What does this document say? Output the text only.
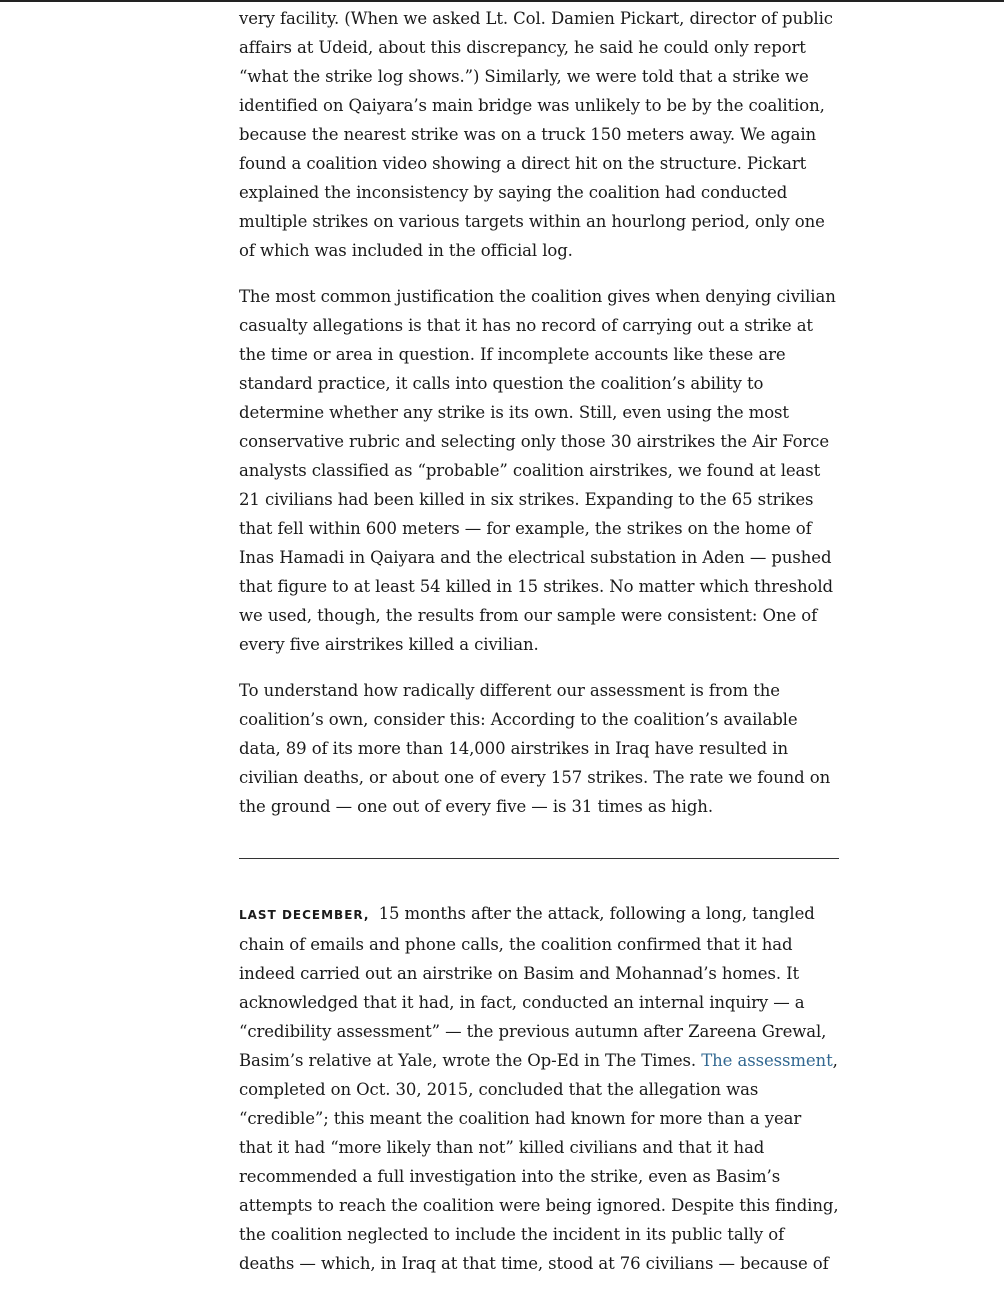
very facility. (When we asked Lt. Col. Damien Pickart, director of public affairs at Udeid, about this discrepancy, he said he could only report “what the strike log shows.”) Similarly, we were told that a strike we identified on Qaiyara’s main bridge was unlikely to be by the coalition, because the nearest strike was on a truck 150 meters away. We again found a coalition video showing a direct hit on the structure. Pickart explained the inconsistency by saying the coalition had conducted multiple strikes on various targets within an hourlong period, only one of which was included in the official log.

The most common justification the coalition gives when denying civilian casualty allegations is that it has no record of carrying out a strike at the time or area in question. If incomplete accounts like these are standard practice, it calls into question the coalition’s ability to determine whether any strike is its own. Still, even using the most conservative rubric and selecting only those 30 airstrikes the Air Force analysts classified as “probable” coalition airstrikes, we found at least 21 civilians had been killed in six strikes. Expanding to the 65 strikes that fell within 600 meters — for example, the strikes on the home of Inas Hamadi in Qaiyara and the electrical substation in Aden — pushed that figure to at least 54 killed in 15 strikes. No matter which threshold we used, though, the results from our sample were consistent: One of every five airstrikes killed a civilian.

To understand how radically different our assessment is from the coalition’s own, consider this: According to the coalition’s available data, 89 of its more than 14,000 airstrikes in Iraq have resulted in civilian deaths, or about one of every 157 strikes. The rate we found on the ground — one out of every five — is 31 times as high.

LAST DECEMBER, 15 months after the attack, following a long, tangled chain of emails and phone calls, the coalition confirmed that it had indeed carried out an airstrike on Basim and Mohannad’s homes. It acknowledged that it had, in fact, conducted an internal inquiry — a “credibility assessment” — the previous autumn after Zareena Grewal, Basim’s relative at Yale, wrote the Op-Ed in The Times. The assessment, completed on Oct. 30, 2015, concluded that the allegation was “credible”; this meant the coalition had known for more than a year that it had “more likely than not” killed civilians and that it had recommended a full investigation into the strike, even as Basim’s attempts to reach the coalition were being ignored. Despite this finding, the coalition neglected to include the incident in its public tally of deaths — which, in Iraq at that time, stood at 76 civilians — because of
